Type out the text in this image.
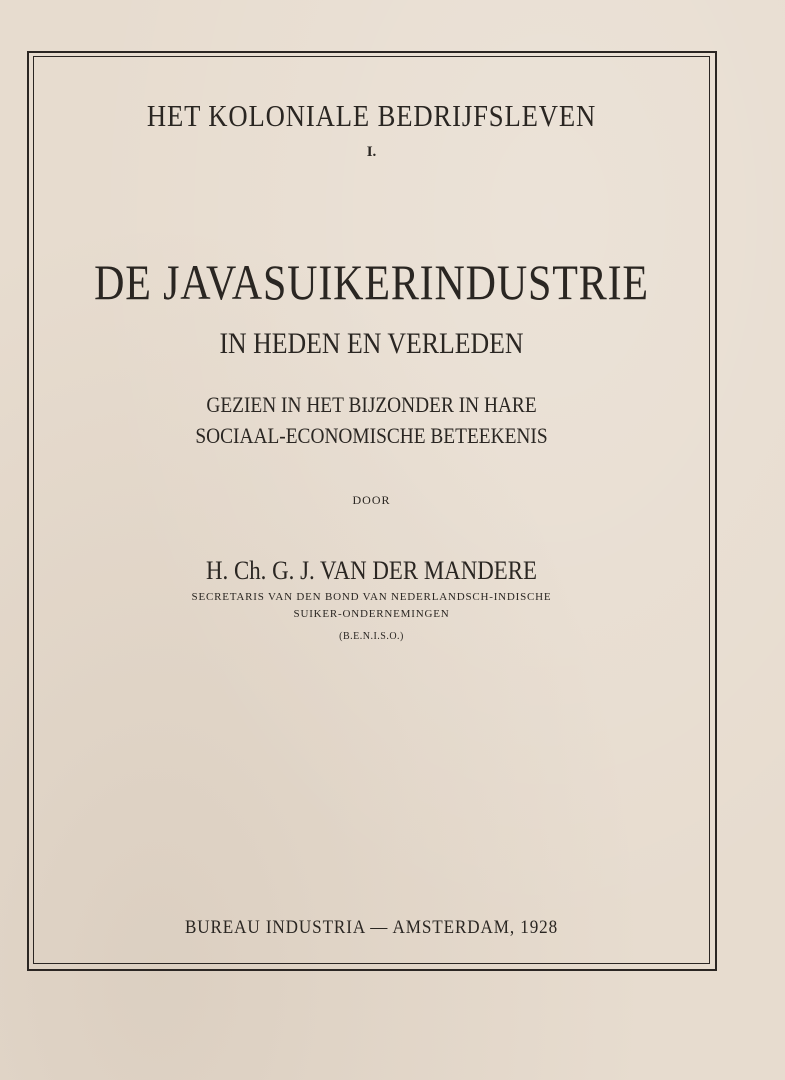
HET KOLONIALE BEDRIJFSLEVEN
I.
DE JAVASUIKERINDUSTRIE
IN HEDEN EN VERLEDEN
GEZIEN IN HET BIJZONDER IN HARE
SOCIAAL-ECONOMISCHE BETEEKENIS
DOOR
H. Ch. G. J. VAN DER MANDERE
SECRETARIS VAN DEN BOND VAN NEDERLANDSCH-INDISCHE
SUIKER-ONDERNEMINGEN
(B.E.N.I.S.O.)
BUREAU INDUSTRIA — AMSTERDAM, 1928
